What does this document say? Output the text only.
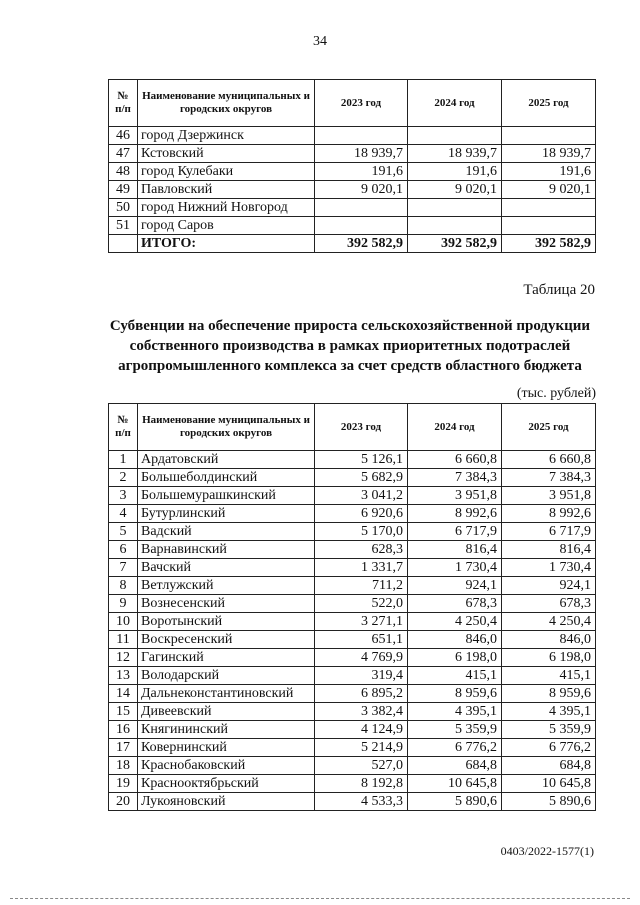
34
№ п/п	Наименование муниципальных и городских округов	2023 год	2024 год	2025 год
46	город Дзержинск			
47	Кстовский	18 939,7	18 939,7	18 939,7
48	город Кулебаки	191,6	191,6	191,6
49	Павловский	9 020,1	9 020,1	9 020,1
50	город Нижний Новгород			
51	город Саров			
	ИТОГО:	392 582,9	392 582,9	392 582,9
Таблица 20
Субвенции на обеспечение прироста сельскохозяйственной продукции собственного производства в рамках приоритетных подотраслей агропромышленного комплекса за счет средств областного бюджета
(тыс. рублей)
№ п/п	Наименование муниципальных и городских округов	2023 год	2024 год	2025 год
1	Ардатовский	5 126,1	6 660,8	6 660,8
2	Большеболдинский	5 682,9	7 384,3	7 384,3
3	Большемурашкинский	3 041,2	3 951,8	3 951,8
4	Бутурлинский	6 920,6	8 992,6	8 992,6
5	Вадский	5 170,0	6 717,9	6 717,9
6	Варнавинский	628,3	816,4	816,4
7	Вачский	1 331,7	1 730,4	1 730,4
8	Ветлужский	711,2	924,1	924,1
9	Вознесенский	522,0	678,3	678,3
10	Воротынский	3 271,1	4 250,4	4 250,4
11	Воскресенский	651,1	846,0	846,0
12	Гагинский	4 769,9	6 198,0	6 198,0
13	Володарский	319,4	415,1	415,1
14	Дальнеконстантиновский	6 895,2	8 959,6	8 959,6
15	Дивеевский	3 382,4	4 395,1	4 395,1
16	Княгининский	4 124,9	5 359,9	5 359,9
17	Ковернинский	5 214,9	6 776,2	6 776,2
18	Краснобаковский	527,0	684,8	684,8
19	Краснооктябрьский	8 192,8	10 645,8	10 645,8
20	Лукояновский	4 533,3	5 890,6	5 890,6
0403/2022-1577(1)
